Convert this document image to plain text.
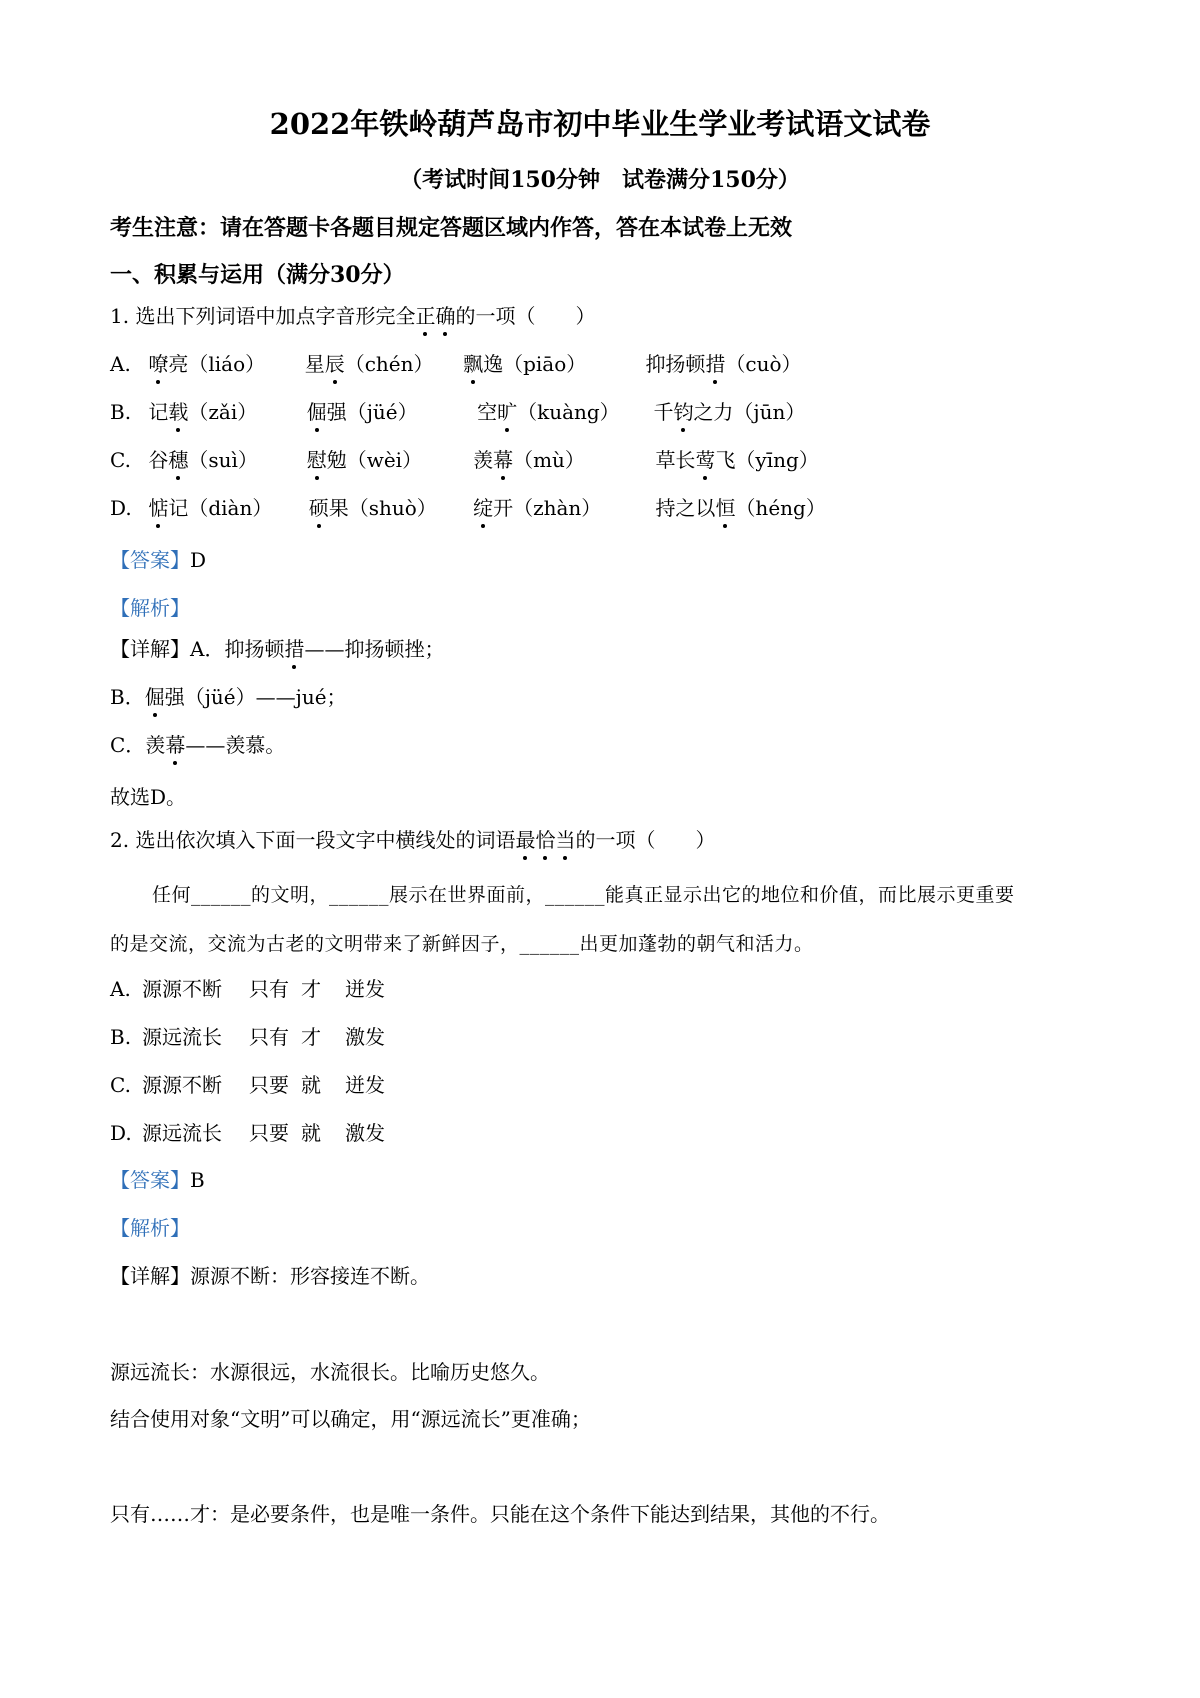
2022年铁岭葫芦岛市初中毕业生学业考试语文试卷
（考试时间150分钟　试卷满分150分）
考生注意：请在答题卡各题目规定答题区域内作答，答在本试卷上无效
一、积累与运用（满分30分）
1. 选出下列词语中加点字音形完全正确的一项（　　）
A. 嘹亮（liáo） 星辰（chén） 飘逸（piāo）	抑扬顿措（cuò）
B. 记载（zǎi） 倔强（jüé）	空旷（kuàng） 千钧之力（jūn）
C. 谷穗（suì） 慰勉（wèi）	羡幕（mù）	草长莺飞（yīng）
D. 惦记（diàn） 硕果（shuò） 绽开（zhàn）	持之以恒（héng）
【答案】D
【解析】
【详解】A．抑扬顿措——抑扬顿挫；
B．倔强（jüé）——jué；
C．羡幕——羡慕。
故选D。
2. 选出依次填入下面一段文字中横线处的词语最恰当的一项（　　）
任何______的文明，______展示在世界面前，______能真正显示出它的地位和价值，而比展示更重要
的是交流，交流为古老的文明带来了新鲜因子，______出更加蓬勃的朝气和活力。
A. 源源不断 只有 才 迸发
B. 源远流长 只有 才 激发
C. 源源不断 只要 就 迸发
D. 源远流长 只要 就 激发
【答案】B
【解析】
【详解】源源不断：形容接连不断。
源远流长：水源很远，水流很长。比喻历史悠久。
结合使用对象“文明”可以确定，用“源远流长”更准确；
只有……才：是必要条件，也是唯一条件。只能在这个条件下能达到结果，其他的不行。
